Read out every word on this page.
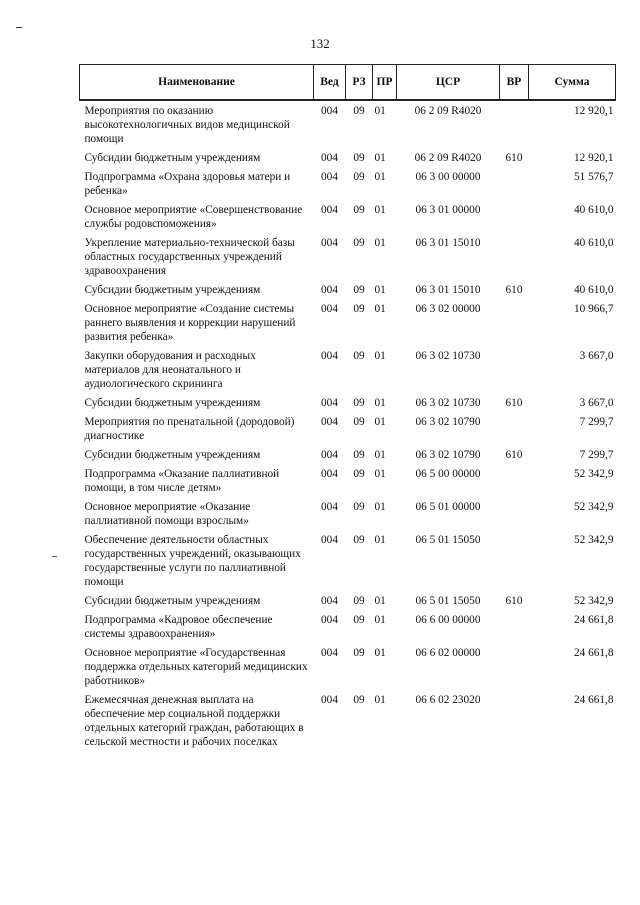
132
Наименование	Вед	РЗ	ПР	ЦСР	ВР	Сумма
Мероприятия по оказанию высокотехнологичных видов медицинской помощи	004	09	01	06 2 09 R4020		12 920,1
Субсидии бюджетным учреждениям	004	09	01	06 2 09 R4020	610	12 920,1
Подпрограмма «Охрана здоровья матери и ребенка»	004	09	01	06 3 00 00000		51 576,7
Основное мероприятие «Совершенствование службы родовспоможения»	004	09	01	06 3 01 00000		40 610,0
Укрепление материально-технической базы областных государственных учреждений здравоохранения	004	09	01	06 3 01 15010		40 610,0
Субсидии бюджетным учреждениям	004	09	01	06 3 01 15010	610	40 610,0
Основное мероприятие «Создание системы раннего выявления и коррекции нарушений развития ребенка»	004	09	01	06 3 02 00000		10 966,7
Закупки оборудования и расходных материалов для неонатального и аудиологического скрининга	004	09	01	06 3 02 10730		3 667,0
Субсидии бюджетным учреждениям	004	09	01	06 3 02 10730	610	3 667,0
Мероприятия по пренатальной (дородовой) диагностике	004	09	01	06 3 02 10790		7 299,7
Субсидии бюджетным учреждениям	004	09	01	06 3 02 10790	610	7 299,7
Подпрограмма «Оказание паллиативной помощи, в том числе детям»	004	09	01	06 5 00 00000		52 342,9
Основное мероприятие «Оказание паллиативной помощи взрослым»	004	09	01	06 5 01 00000		52 342,9
Обеспечение деятельности областных государственных учреждений, оказывающих государственные услуги по паллиативной помощи	004	09	01	06 5 01 15050		52 342,9
Субсидии бюджетным учреждениям	004	09	01	06 5 01 15050	610	52 342,9
Подпрограмма «Кадровое обеспечение системы здравоохранения»	004	09	01	06 6 00 00000		24 661,8
Основное мероприятие «Государственная поддержка отдельных категорий медицинских работников»	004	09	01	06 6 02 00000		24 661,8
Ежемесячная денежная выплата на обеспечение мер социальной поддержки отдельных категорий граждан, работающих в сельской местности и рабочих поселках	004	09	01	06 6 02 23020		24 661,8
